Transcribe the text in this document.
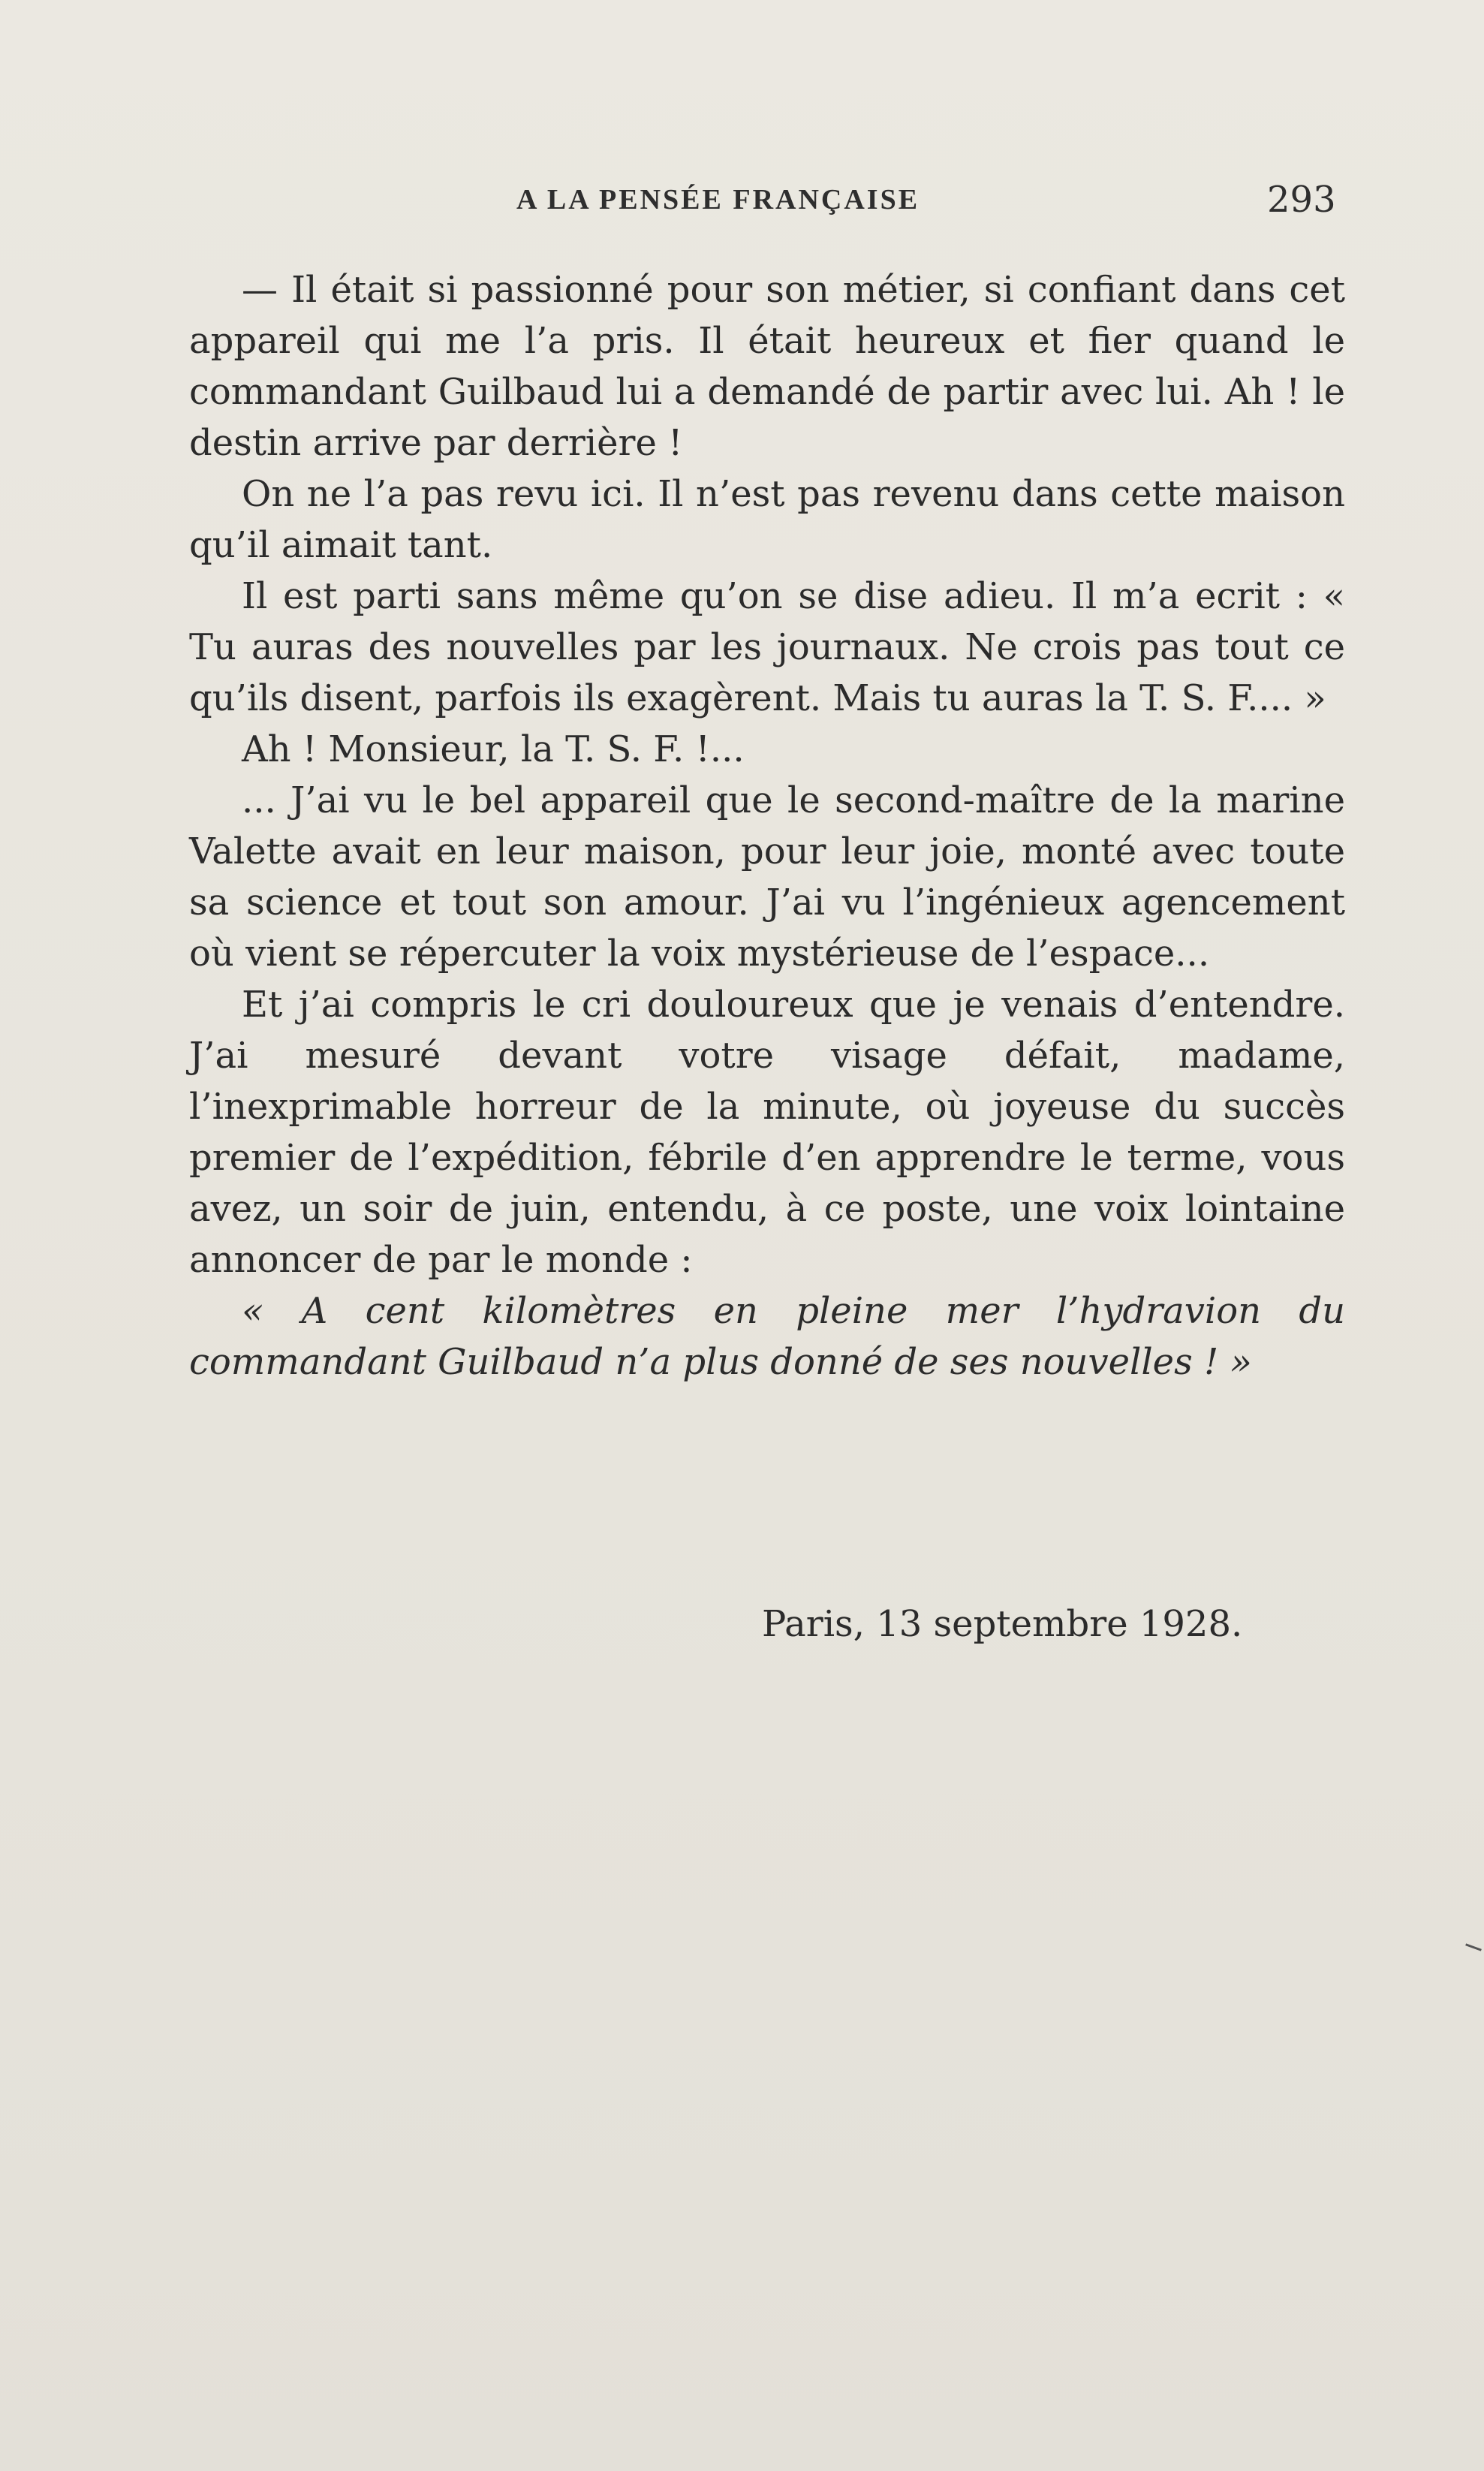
A LA PENSÉE FRANÇAISE	293

— Il était si passionné pour son métier, si confiant dans cet appareil qui me l’a pris. Il était heureux et fier quand le commandant Guilbaud lui a demandé de partir avec lui. Ah ! le destin arrive par derrière !

On ne l’a pas revu ici. Il n’est pas revenu dans cette maison qu’il aimait tant.

Il est parti sans même qu’on se dise adieu. Il m’a ecrit : « Tu auras des nouvelles par les journaux. Ne crois pas tout ce qu’ils disent, parfois ils exagèrent. Mais tu auras la T. S. F.... »

Ah ! Monsieur, la T. S. F. !...

... J’ai vu le bel appareil que le second-maître de la marine Valette avait en leur maison, pour leur joie, monté avec toute sa science et tout son amour. J’ai vu l’ingénieux agencement où vient se répercuter la voix mystérieuse de l’espace...

Et j’ai compris le cri douloureux que je venais d’entendre. J’ai mesuré devant votre visage défait, madame, l’inexprimable horreur de la minute, où joyeuse du succès premier de l’expédition, fébrile d’en apprendre le terme, vous avez, un soir de juin, entendu, à ce poste, une voix lointaine annoncer de par le monde :

« A cent kilomètres en pleine mer l’hydravion du commandant Guilbaud n’a plus donné de ses nouvelles ! »

Paris, 13 septembre 1928.
